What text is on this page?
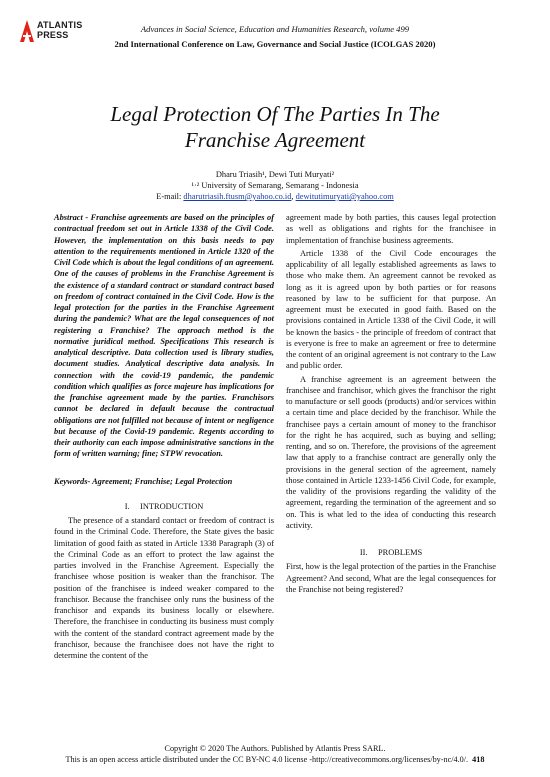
ATLANTIS
PRESS
Advances in Social Science, Education and Humanities Research, volume 499
2nd International Conference on Law, Governance and Social Justice (ICOLGAS 2020)
Legal Protection Of The Parties In The
Franchise Agreement
Dharu Triasih¹, Dewi Tuti Muryati²
¹·² University of Semarang, Semarang - Indonesia
E-mail: dharutriasih.ftusm@yahoo.co.id, dewitutimuryati@yahoo.com

Abstract - Franchise agreements are based on the principles of contractual freedom set out in Article 1338 of the Civil Code. However, the implementation on this basis needs to pay attention to the requirements mentioned in Article 1320 of the Civil Code which is about the legal conditions of an agreement. One of the causes of problems in the Franchise Agreement is the existence of a standard contract or standard contract based on freedom of contract contained in the Civil Code. How is the legal protection for the parties in the Franchise Agreement during the pandemic? What are the legal consequences of not registering a Franchise? The approach method is the normative juridical method. Specifications This research is analytical descriptive. Data collection used is library studies, document studies. Analytical descriptive data analysis. In connection with the covid-19 pandemic, the pandemic condition which qualifies as force majeure has implications for the franchise agreement made by the parties. Franchisors cannot be declared in default because the contractual obligations are not fulfilled not because of intent or negligence but because of the Covid-19 pandemic. Regents according to their authority can each impose administrative sanctions in the form of written warning; fine; STPW revocation.

Keywords- Agreement; Franchise; Legal Protection

I.     INTRODUCTION

The presence of a standard contact or freedom of contract is found in the Criminal Code. Therefore, the State gives the basic limitation of good faith as stated in Article 1338 Paragraph (3) of the Criminal Code as an effort to protect the law against the parties involved in the Franchise Agreement. Especially the franchisee whose position is weaker than the franchisor. The position of the franchisee is indeed weaker compared to the franchisor. Because the franchisee only runs the business of the franchisor and expands its business locally or elsewhere. Therefore, the franchisee in conducting its business must comply with the content of the standard contract agreement made by the franchisor, because the franchisee does not have the right to determine the content of the

agreement made by both parties, this causes legal protection as well as obligations and rights for the franchisee in implementation of franchise business agreements.

Article 1338 of the Civil Code encourages the applicability of all legally established agreements as laws to those who make them. An agreement cannot be revoked as long as it is agreed upon by both parties or for reasons reasoned by law to be sufficient for that purpose. An agreement must be executed in good faith. Based on the provisions contained in Article 1338 of the Civil Code, it will be known the basics - the principle of freedom of contract that is everyone is free to make an agreement or free to determine the content of an original agreement is not contrary to the Law and public order.

A franchise agreement is an agreement between the franchisee and franchisor, which gives the franchisor the right to manufacture or sell goods (products) and/or services within a certain time and place decided by the franchisor. While the franchisee pays a certain amount of money to the franchisor for the right he has acquired, such as buying and selling; renting, and so on. Therefore, the provisions of the agreement law that apply to a franchise contract are generally only the provisions in the general section of the agreement, namely those contained in Article 1233-1456 Civil Code, for example, the validity of the provisions regarding the validity of the agreement, regarding the termination of the agreement and so on. This is what led to the idea of conducting this research activity.

II.     PROBLEMS

First, how is the legal protection of the parties in the Franchise Agreement? And second, What are the legal consequences for the Franchise not being registered?

Copyright © 2020 The Authors. Published by Atlantis Press SARL.
This is an open access article distributed under the CC BY-NC 4.0 license -http://creativecommons.org/licenses/by-nc/4.0/. 418
